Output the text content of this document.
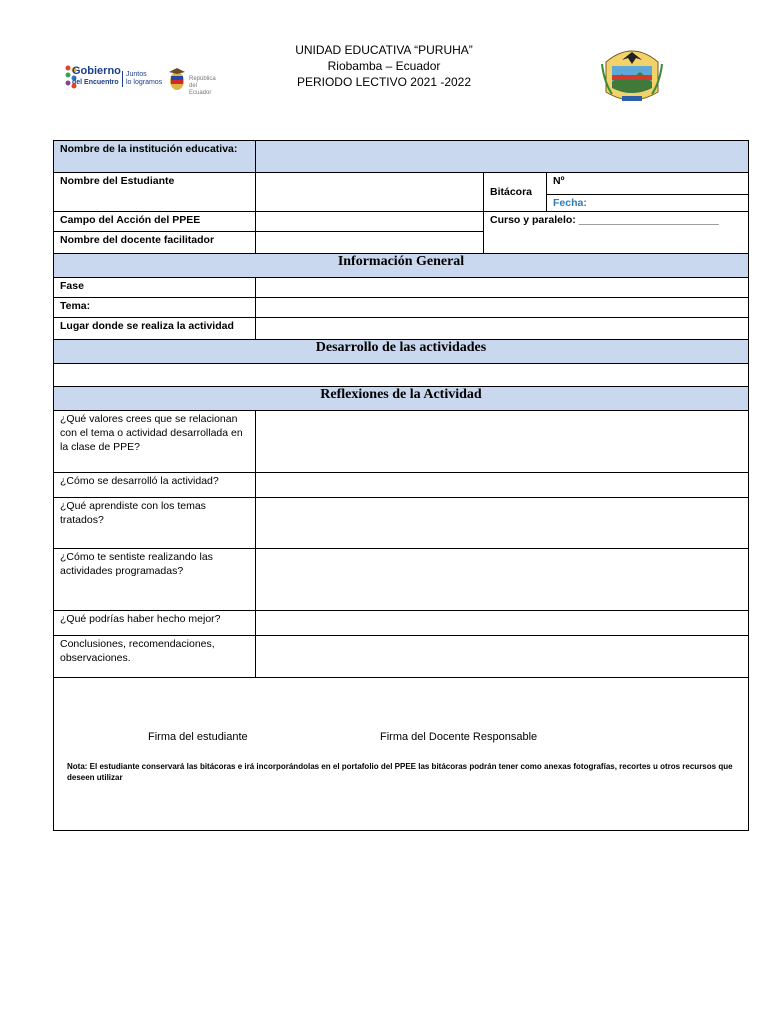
Gobierno
del Encuentro
Juntos
lo logramos	República
del Ecuador
UNIDAD EDUCATIVA “PURUHA”
Riobamba – Ecuador
PERIODO LECTIVO 2021 -2022
Nombre de la institución educativa:			
Nombre del Estudiante		Bitácora	Nº
			Fecha:
Campo del Acción del PPEE		Curso y paralelo: ________________________	
Nombre del docente facilitador			
Información General			
Fase			
Tema:			
Lugar donde se realiza la actividad			
Desarrollo de las actividades			

Reflexiones de la Actividad			
¿Qué valores crees que se relacionan con el tema o actividad desarrollada en la clase de PPE?			
¿Cómo se desarrolló la actividad?			
¿Qué aprendiste con los temas tratados?			
¿Cómo te sentiste realizando las actividades programadas?			
¿Qué podrías haber hecho mejor?			
Conclusiones, recomendaciones, observaciones.			

Firma del estudiante Firma del Docente Responsable
Nota: El estudiante conservará las bitácoras e irá incorporándolas en el portafolio del PPEE las bitácoras podrán tener como anexas fotografías, recortes u otros recursos que deseen utilizar			
